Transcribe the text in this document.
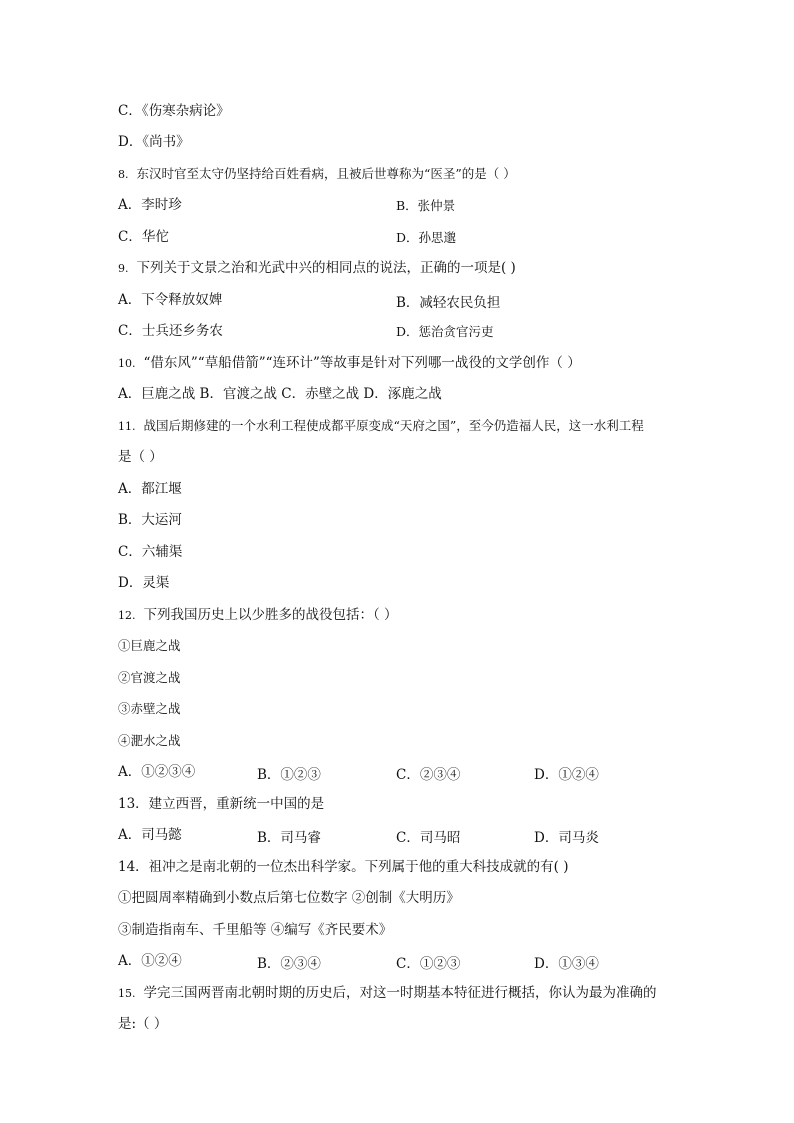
C．《伤寒杂病论》
D．《尚书》
8. 东汉时官至太守仍坚持给百姓看病，且被后世尊称为“医圣”的是（ ）
A．李时珍	B．张仲景
C．华佗	D．孙思邈
9. 下列关于文景之治和光武中兴的相同点的说法，正确的一项是( )
A．下令释放奴婢	B．减轻农民负担
C．士兵还乡务农	D．惩治贪官污吏
10. “借东风”“草船借箭”“连环计”等故事是针对下列哪一战役的文学创作（ ）
A．巨鹿之战 B．官渡之战 C．赤壁之战 D．涿鹿之战
11. 战国后期修建的一个水利工程使成都平原变成“天府之国”，至今仍造福人民，这一水利工程
是（ ）
A．都江堰
B．大运河
C．六辅渠
D．灵渠
12. 下列我国历史上以少胜多的战役包括：（ ）
①巨鹿之战
②官渡之战
③赤壁之战
④淝水之战
A．①②③④	B．①②③	C．②③④	D．①②④
13．建立西晋，重新统一中国的是
A．司马懿	B．司马睿	C．司马昭	D．司马炎
14．祖冲之是南北朝的一位杰出科学家。下列属于他的重大科技成就的有( )
①把圆周率精确到小数点后第七位数字 ②创制《大明历》
③制造指南车、千里船等 ④编写《齐民要术》
A．①②④	B．②③④	C．①②③	D．①③④
15. 学完三国两晋南北朝时期的历史后，对这一时期基本特征进行概括，你认为最为准确的
是:（ ）
